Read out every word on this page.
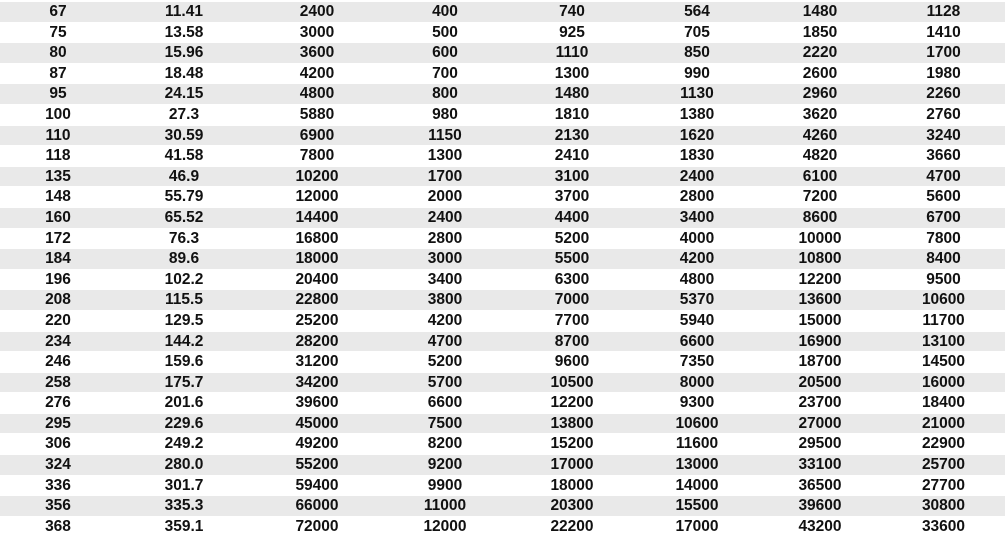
67	11.41	2400	400	740	564	1480	1128
75	13.58	3000	500	925	705	1850	1410
80	15.96	3600	600	1110	850	2220	1700
87	18.48	4200	700	1300	990	2600	1980
95	24.15	4800	800	1480	1130	2960	2260
100	27.3	5880	980	1810	1380	3620	2760
110	30.59	6900	1150	2130	1620	4260	3240
118	41.58	7800	1300	2410	1830	4820	3660
135	46.9	10200	1700	3100	2400	6100	4700
148	55.79	12000	2000	3700	2800	7200	5600
160	65.52	14400	2400	4400	3400	8600	6700
172	76.3	16800	2800	5200	4000	10000	7800
184	89.6	18000	3000	5500	4200	10800	8400
196	102.2	20400	3400	6300	4800	12200	9500
208	115.5	22800	3800	7000	5370	13600	10600
220	129.5	25200	4200	7700	5940	15000	11700
234	144.2	28200	4700	8700	6600	16900	13100
246	159.6	31200	5200	9600	7350	18700	14500
258	175.7	34200	5700	10500	8000	20500	16000
276	201.6	39600	6600	12200	9300	23700	18400
295	229.6	45000	7500	13800	10600	27000	21000
306	249.2	49200	8200	15200	11600	29500	22900
324	280.0	55200	9200	17000	13000	33100	25700
336	301.7	59400	9900	18000	14000	36500	27700
356	335.3	66000	11000	20300	15500	39600	30800
368	359.1	72000	12000	22200	17000	43200	33600
